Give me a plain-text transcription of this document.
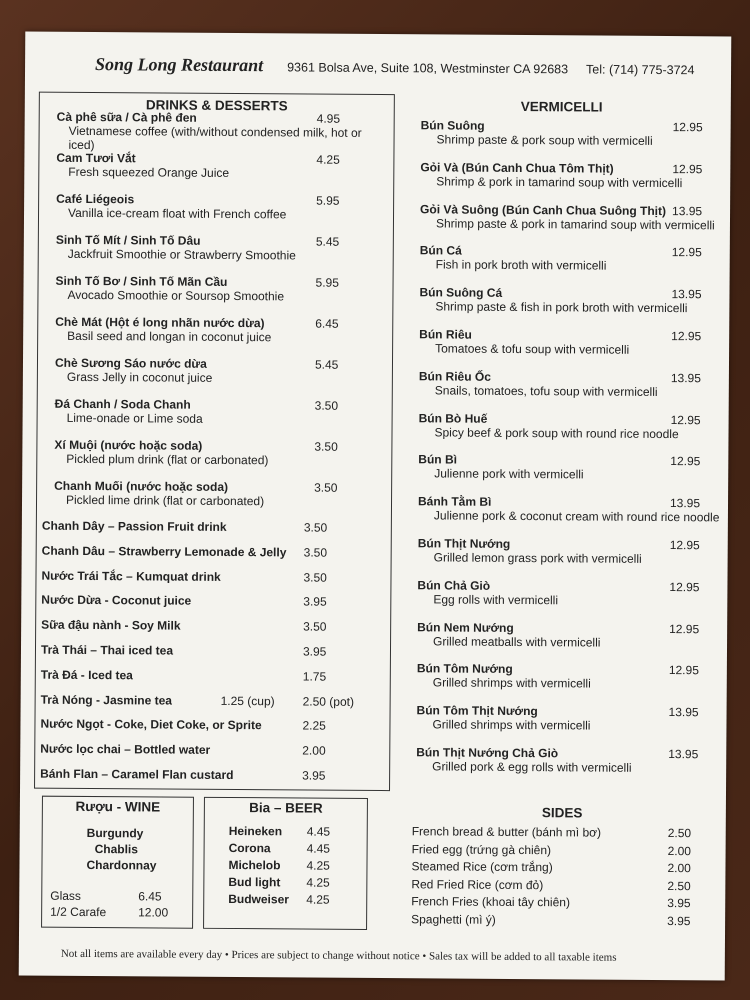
Song Long Restaurant 9361 Bolsa Ave, Suite 108, Westminster CA 92683 Tel: (714) 775-3724
DRINKS & DESSERTS
Cà phê sữa / Cà phê đen
Vietnamese coffee (with/without condensed milk, hot or iced)
4.95
Cam Tươi Vắt
Fresh squeezed Orange Juice
4.25
Café Liégeois
Vanilla ice-cream float with French coffee
5.95
Sinh Tố Mít / Sinh Tố Dâu
Jackfruit Smoothie or Strawberry Smoothie
5.45
Sinh Tố Bơ / Sinh Tố Mãn Cầu
Avocado Smoothie or Soursop Smoothie
5.95
Chè Mát (Hột é long nhãn nước dừa)
Basil seed and longan in coconut juice
6.45
Chè Sương Sáo nước dừa
Grass Jelly in coconut juice
5.45
Đá Chanh / Soda Chanh
Lime-onade or Lime soda
3.50
Xí Muội (nước hoặc soda)
Pickled plum drink (flat or carbonated)
3.50
Chanh Muối (nước hoặc soda)
Pickled lime drink (flat or carbonated)
3.50
Chanh Dây – Passion Fruit drink	3.50
Chanh Dâu – Strawberry Lemonade & Jelly 3.50
Nước Trái Tắc – Kumquat drink	3.50
Nước Dừa - Coconut juice	3.95
Sữa đậu nành - Soy Milk	3.50
Trà Thái – Thai iced tea	3.95
Trà Đá - Iced tea	1.75
Trà Nóng - Jasmine tea	1.25 (cup) 2.50 (pot)
Nước Ngọt - Coke, Diet Coke, or Sprite	2.25
Nước lọc chai – Bottled water	2.00
Bánh Flan – Caramel Flan custard	3.95
Rượu - WINE
Burgundy
Chablis
Chardonnay
Glass	6.45
1/2 Carafe	12.00
Bia – BEER
Heineken 4.45
Corona	4.45
Michelob 4.25
Bud light 4.25
Budweiser 4.25
VERMICELLI
Bún Suông
Shrimp paste & pork soup with vermicelli
12.95
Gỏi Và (Bún Canh Chua Tôm Thịt)
Shrimp & pork in tamarind soup with vermicelli
12.95
Gỏi Và Suông (Bún Canh Chua Suông Thịt)
Shrimp paste & pork in tamarind soup with vermicelli
13.95
Bún Cá
Fish in pork broth with vermicelli
12.95
Bún Suông Cá
Shrimp paste & fish in pork broth with vermicelli
13.95
Bún Riêu
Tomatoes & tofu soup with vermicelli
12.95
Bún Riêu Ốc
Snails, tomatoes, tofu soup with vermicelli
13.95
Bún Bò Huế
Spicy beef & pork soup with round rice noodle
12.95
Bún Bì
Julienne pork with vermicelli
12.95
Bánh Tằm Bì
Julienne pork & coconut cream with round rice noodle
13.95
Bún Thịt Nướng
Grilled lemon grass pork with vermicelli
12.95
Bún Chả Giò
Egg rolls with vermicelli
12.95
Bún Nem Nướng
Grilled meatballs with vermicelli
12.95
Bún Tôm Nướng
Grilled shrimps with vermicelli
12.95
Bún Tôm Thịt Nướng
Grilled shrimps with vermicelli
13.95
Bún Thịt Nướng Chả Giò
Grilled pork & egg rolls with vermicelli
13.95
SIDES
French bread & butter (bánh mì bơ)	2.50
Fried egg (trứng gà chiên)	2.00
Steamed Rice (cơm trắng)	2.00
Red Fried Rice (cơm đỏ)	2.50
French Fries (khoai tây chiên)	3.95
Spaghetti (mì ý)	3.95
Not all items are available every day • Prices are subject to change without notice • Sales tax will be added to all taxable items
